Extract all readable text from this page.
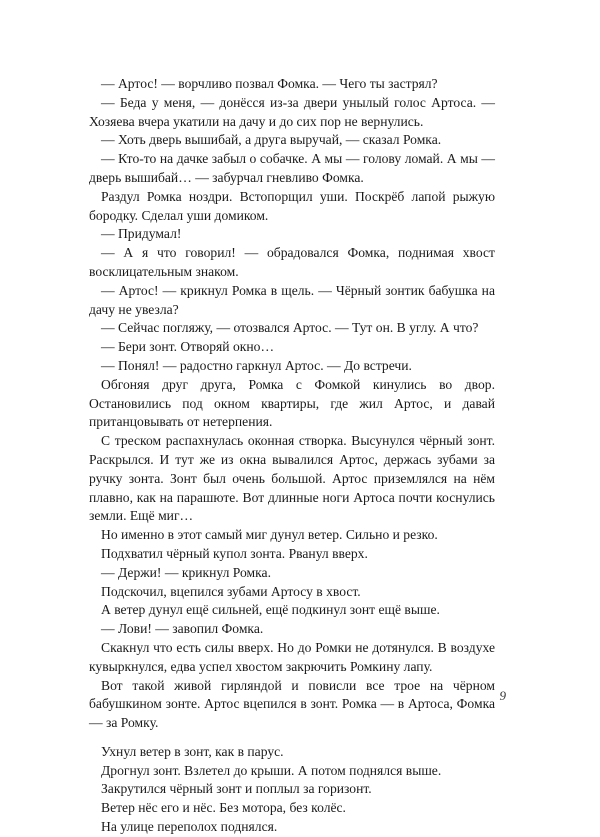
— Артос! — ворчливо позвал Фомка. — Чего ты застрял?

— Беда у меня, — донёсся из-за двери унылый голос Артоса. — Хозяева вчера укатили на дачу и до сих пор не вернулись.

— Хоть дверь вышибай, а друга выручай, — сказал Ромка.

— Кто-то на дачке забыл о собачке. А мы — голову ломай. А мы — дверь вышибай… — забурчал гневливо Фомка.

Раздул Ромка ноздри. Встопорщил уши. Поскрёб лапой рыжую бородку. Сделал уши домиком.

— Придумал!

— А я что говорил! — обрадовался Фомка, поднимая хвост восклицательным знаком.

— Артос! — крикнул Ромка в щель. — Чёрный зонтик бабушка на дачу не увезла?

— Сейчас погляжу, — отозвался Артос. — Тут он. В углу. А что?

— Бери зонт. Отворяй окно…

— Понял! — радостно гаркнул Артос. — До встречи.

Обгоняя друг друга, Ромка с Фомкой кинулись во двор. Остановились под окном квартиры, где жил Артос, и давай пританцовывать от нетерпения.

С треском распахнулась оконная створка. Высунулся чёрный зонт. Раскрылся. И тут же из окна вывалился Артос, держась зубами за ручку зонта. Зонт был очень большой. Артос приземлялся на нём плавно, как на парашюте. Вот длинные ноги Артоса почти коснулись земли. Ещё миг…

Но именно в этот самый миг дунул ветер. Сильно и резко.

Подхватил чёрный купол зонта. Рванул вверх.

— Держи! — крикнул Ромка.

Подскочил, вцепился зубами Артосу в хвост.

А ветер дунул ещё сильней, ещё подкинул зонт ещё выше.

— Лови! — завопил Фомка.

Скакнул что есть силы вверх. Но до Ромки не дотянулся. В воздухе кувыркнулся, едва успел хвостом закрючить Ромкину лапу.

Вот такой живой гирляндой и повисли все трое на чёрном бабушкином зонте. Артос вцепился в зонт. Ромка — в Артоса, Фомка — за Ромку.

Ухнул ветер в зонт, как в парус.

Дрогнул зонт. Взлетел до крыши. А потом поднялся выше.

Закрутился чёрный зонт и поплыл за горизонт.

Ветер нёс его и нёс. Без мотора, без колёс.

На улице переполох поднялся.

9
